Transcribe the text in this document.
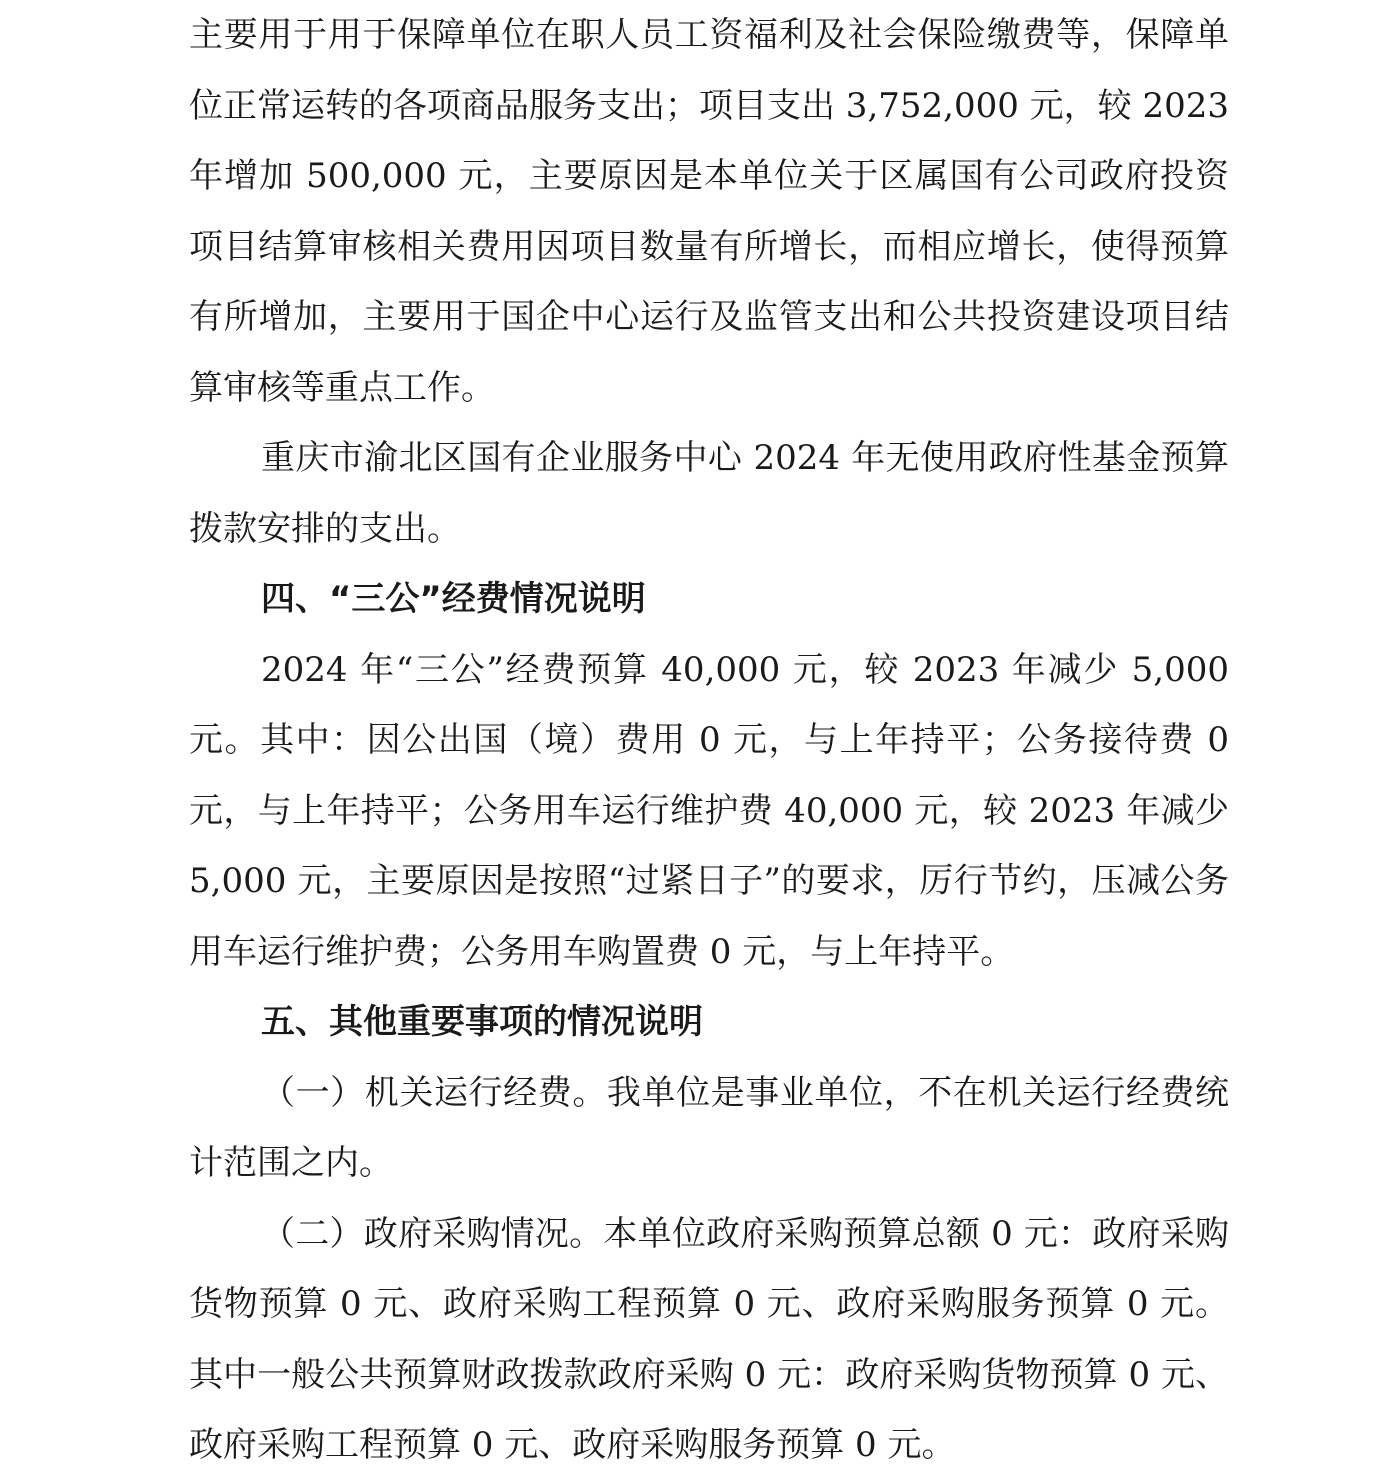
主要用于用于保障单位在职人员工资福利及社会保险缴费等，保障单位正常运转的各项商品服务支出；项目支出 3,752,000 元，较 2023 年增加 500,000 元，主要原因是本单位关于区属国有公司政府投资项目结算审核相关费用因项目数量有所增长，而相应增长，使得预算有所增加，主要用于国企中心运行及监管支出和公共投资建设项目结算审核等重点工作。

重庆市渝北区国有企业服务中心 2024 年无使用政府性基金预算拨款安排的支出。

四、“三公”经费情况说明

2024 年“三公”经费预算 40,000 元，较 2023 年减少 5,000 元。其中：因公出国（境）费用 0 元，与上年持平；公务接待费 0 元，与上年持平；公务用车运行维护费 40,000 元，较 2023 年减少 5,000 元，主要原因是按照“过紧日子”的要求，厉行节约，压减公务用车运行维护费；公务用车购置费 0 元，与上年持平。

五、其他重要事项的情况说明

（一）机关运行经费。我单位是事业单位，不在机关运行经费统计范围之内。

（二）政府采购情况。本单位政府采购预算总额 0 元：政府采购货物预算 0 元、政府采购工程预算 0 元、政府采购服务预算 0 元。其中一般公共预算财政拨款政府采购 0 元：政府采购货物预算 0 元、政府采购工程预算 0 元、政府采购服务预算 0 元。
